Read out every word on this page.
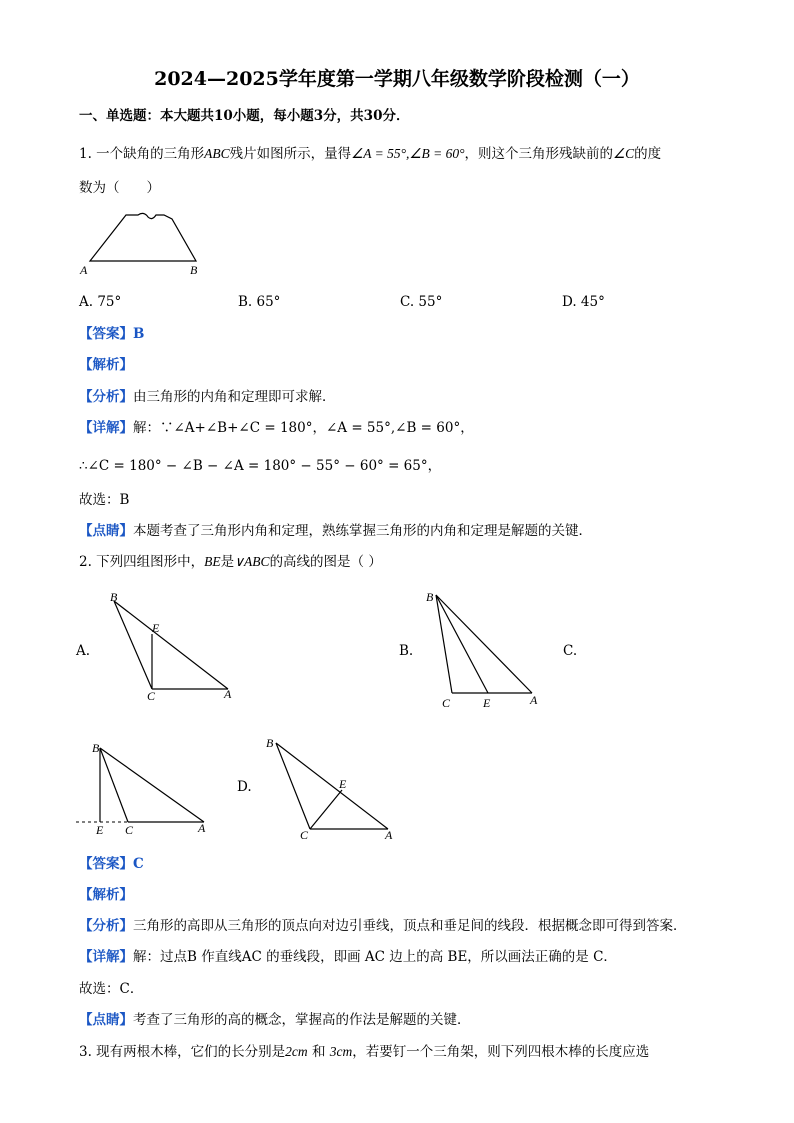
2024—2025学年度第一学期八年级数学阶段检测（一）
一、单选题：本大题共10小题，每小题3分，共30分．
1. 一个缺角的三角形ABC残片如图所示，量得∠A = 55°,∠B = 60°，则这个三角形残缺前的∠C的度
数为（　　）
A	B
A. 75°	B. 65°	C. 55°	D. 45°
【答案】B
【解析】
【分析】由三角形的内角和定理即可求解．
【详解】解：∵∠A+∠B+∠C = 180°，∠A = 55°,∠B = 60°，
∴∠C = 180° − ∠B − ∠A = 180° − 55° − 60° = 65°，
故选：B
【点睛】本题考查了三角形内角和定理，熟练掌握三角形的内角和定理是解题的关键．
2. 下列四组图形中，BE是∨ABC的高线的图是（ ）
A.
B
E
C	A
B.
B
C	E	A
C.
B
E C	A
D.
B
E
C	A
【答案】C
【解析】
【分析】三角形的高即从三角形的顶点向对边引垂线，顶点和垂足间的线段．根据概念即可得到答案．
【详解】解：过点B 作直线AC 的垂线段，即画 AC 边上的高 BE，所以画法正确的是 C．
故选：C．
【点睛】考查了三角形的高的概念，掌握高的作法是解题的关键．
3. 现有两根木棒，它们的长分别是2cm 和 3cm，若要钉一个三角架，则下列四根木棒的长度应选
